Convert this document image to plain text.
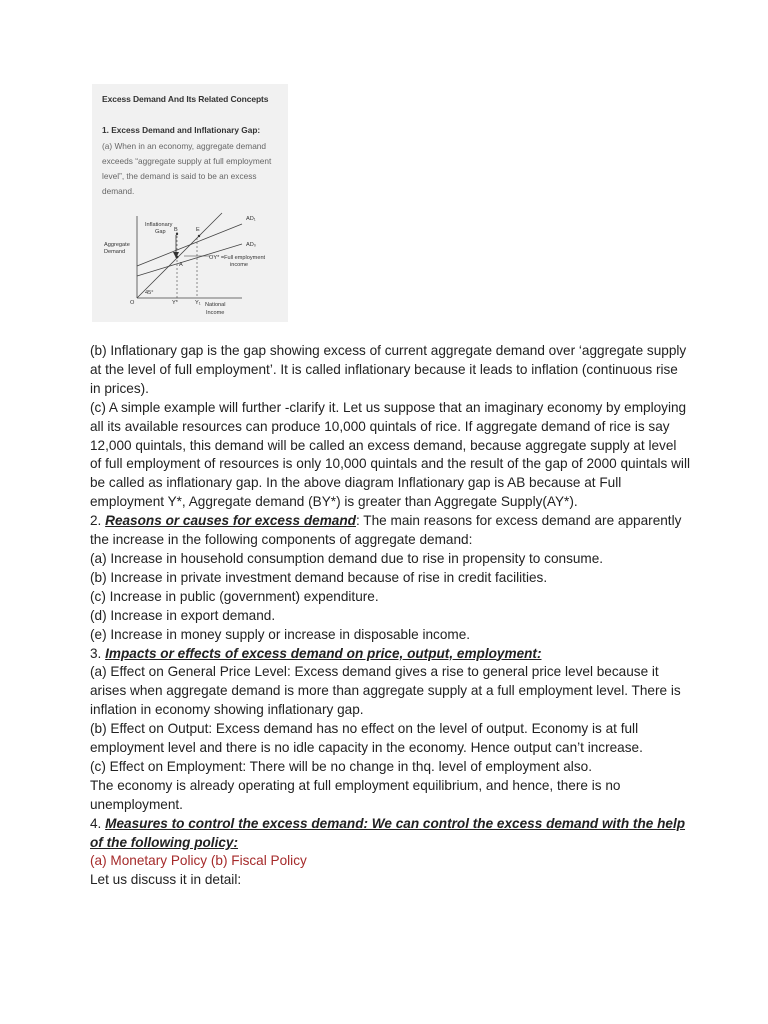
Excess Demand And Its Related Concepts
1. Excess Demand and Inflationary Gap:
(a) When in an economy, aggregate demand exceeds “aggregate supply at full employment level”, the demand is said to be an excess demand.
Inflationary
Gap B	E
A
AD₁
AD₀
Aggregate
Demand
OY* =Full employment
income
45°
O	Y*	Y₁ National
Income

(b) Inflationary gap is the gap showing excess of current aggregate demand over ‘aggregate supply at the level of full employment’. It is called inflationary because it leads to inflation (continuous rise in prices).

(c) A simple example will further -clarify it. Let us suppose that an imaginary economy by employing all its available resources can produce 10,000 quintals of rice. If aggregate demand of rice is say 12,000 quintals, this demand will be called an excess demand, because aggregate supply at level of full employment of resources is only 10,000 quintals and the result of the gap of 2000 quintals will be called as inflationary gap. In the above diagram Inflationary gap is AB because at Full employment Y*, Aggregate demand (BY*) is greater than Aggregate Supply(AY*).

2. Reasons or causes for excess demand: The main reasons for excess demand are apparently the increase in the following components of aggregate demand:

(a) Increase in household consumption demand due to rise in propensity to consume.

(b) Increase in private investment demand because of rise in credit facilities.

(c) Increase in public (government) expenditure.

(d) Increase in export demand.

(e) Increase in money supply or increase in disposable income.

3. Impacts or effects of excess demand on price, output, employment:

(a) Effect on General Price Level: Excess demand gives a rise to general price level because it arises when aggregate demand is more than aggregate supply at a full employment level. There is inflation in economy showing inflationary gap.

(b) Effect on Output: Excess demand has no effect on the level of output. Economy is at full employment level and there is no idle capacity in the economy. Hence output can’t increase.

(c) Effect on Employment: There will be no change in thq. level of employment also.

The economy is already operating at full employment equilibrium, and hence, there is no unemployment.

4. Measures to control the excess demand: We can control the excess demand with the help of the following policy:

(a) Monetary Policy (b) Fiscal Policy

Let us discuss it in detail:
